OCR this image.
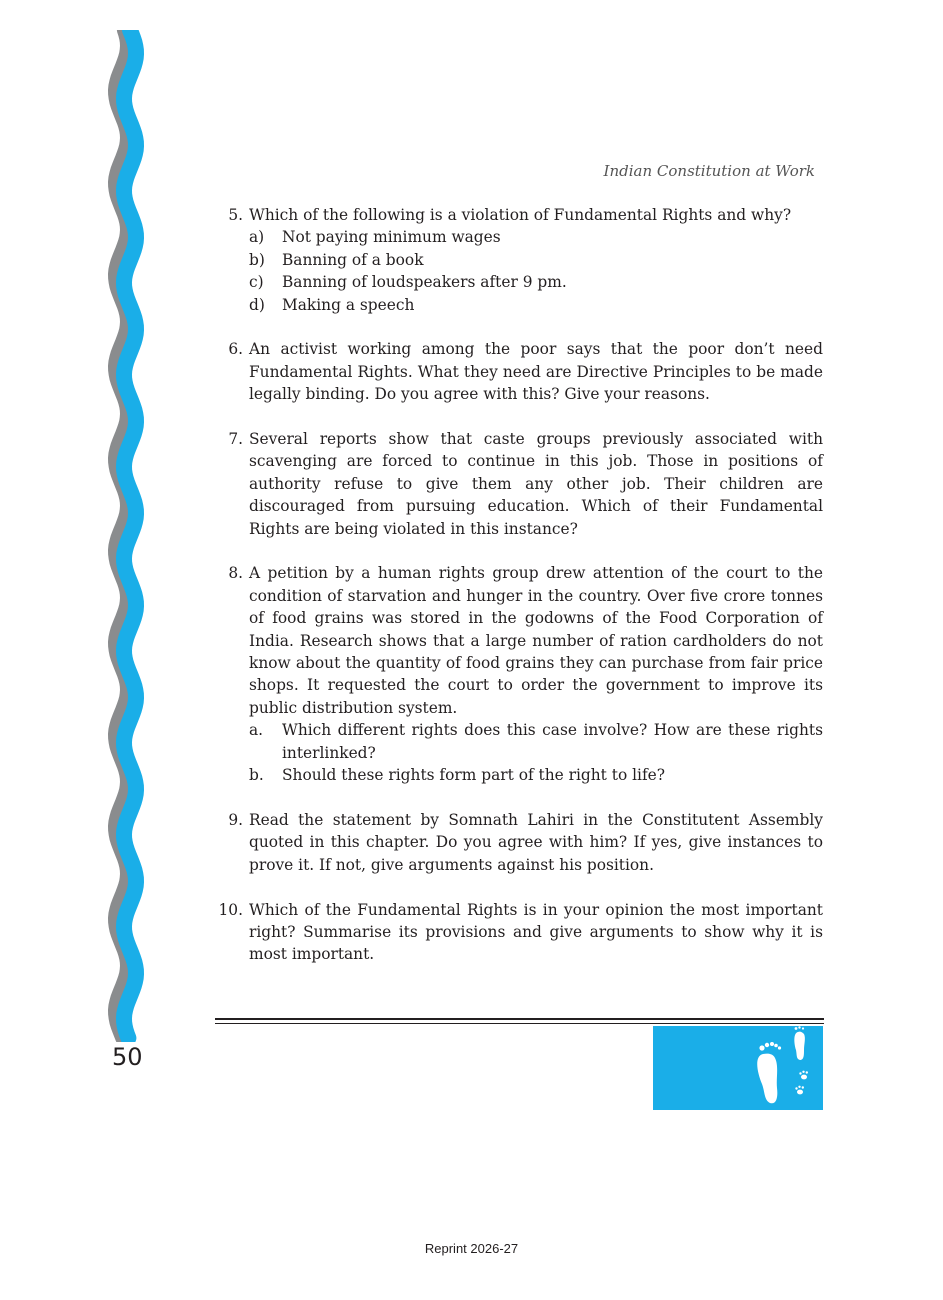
Indian Constitution at Work
5. Which of the following is a violation of Fundamental Rights and why?
a) Not paying minimum wages
b) Banning of a book
c) Banning of loudspeakers after 9 pm.
d) Making a speech
6. An activist working among the poor says that the poor don’t need Fundamental Rights. What they need are Directive Principles to be made legally binding. Do you agree with this? Give your reasons.
7. Several reports show that caste groups previously associated with scavenging are forced to continue in this job. Those in positions of authority refuse to give them any other job. Their children are discouraged from pursuing education. Which of their Fundamental Rights are being violated in this instance?
8. A petition by a human rights group drew attention of the court to the condition of starvation and hunger in the country. Over five crore tonnes of food grains was stored in the godowns of the Food Corporation of India. Research shows that a large number of ration cardholders do not know about the quantity of food grains they can purchase from fair price shops. It requested the court to order the government to improve its public distribution system.
a. Which different rights does this case involve? How are these rights interlinked?
b. Should these rights form part of the right to life?
9. Read the statement by Somnath Lahiri in the Constitutent Assembly quoted in this chapter. Do you agree with him? If yes, give instances to prove it. If not, give arguments against his position.
10. Which of the Fundamental Rights is in your opinion the most important right? Summarise its provisions and give arguments to show why it is most important.
50
Reprint 2026-27
